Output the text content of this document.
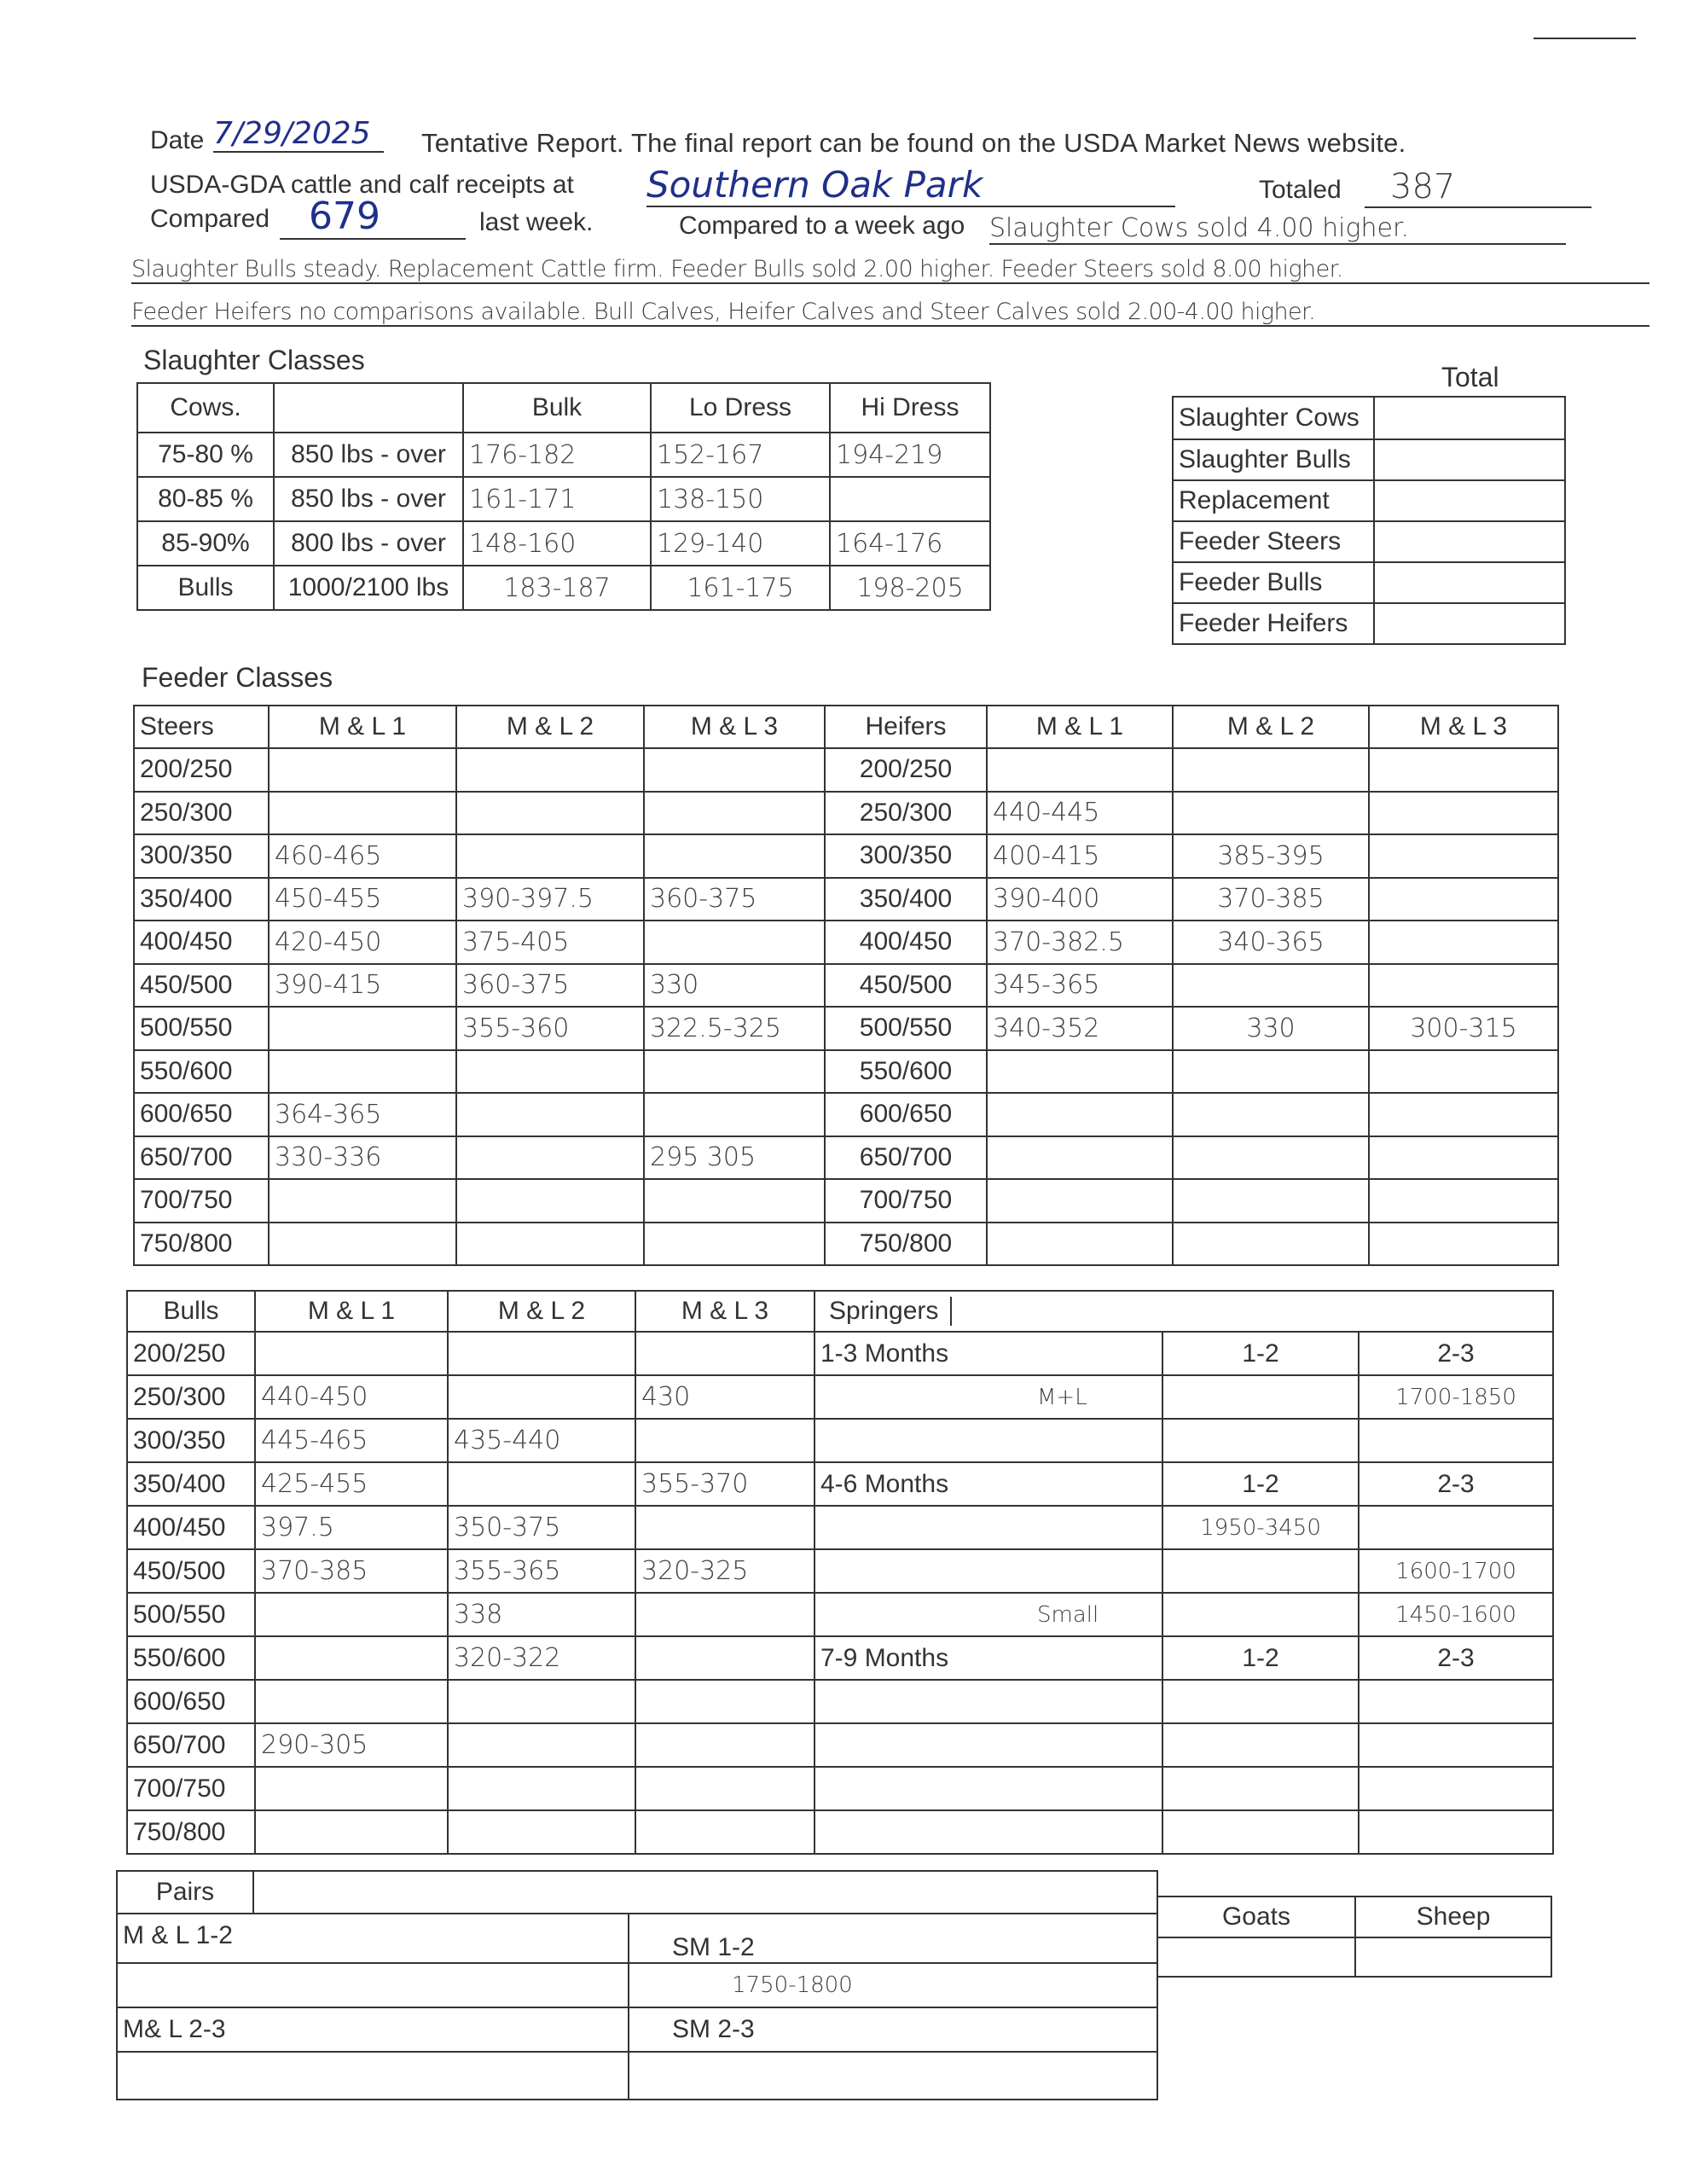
Date 7/29/2025	Tentative Report. The final report can be found on the USDA Market News website.
USDA-GDA cattle and calf receipts at Southern Oak Park	Totaled	387
Compared	679	last week.	Compared to a week ago Slaughter Cows sold 4.00 higher.
Slaughter Bulls steady. Replacement Cattle firm. Feeder Bulls sold 2.00 higher. Feeder Steers sold 8.00 higher.
Feeder Heifers no comparisons available. Bull Calves, Heifer Calves and Steer Calves sold 2.00-4.00 higher.
Slaughter Classes
Cows.		Bulk	Lo Dress	Hi Dress
75-80 %	850 lbs - over	176-182	152-167	194-219
80-85 %	850 lbs - over	161-171	138-150	
85-90%	800 lbs - over	148-160	129-140	164-176
Bulls	1000/2100 lbs	183-187	161-175	198-205
Total
Slaughter Cows	
Slaughter Bulls	
Replacement	
Feeder Steers	
Feeder Bulls	
Feeder Heifers	
Feeder Classes
Steers	M & L 1	M & L 2	M & L 3	Heifers	M & L 1	M & L 2	M & L 3
200/250				200/250			
250/300				250/300	440-445		
300/350	460-465			300/350	400-415	385-395	
350/400	450-455	390-397.5	360-375	350/400	390-400	370-385	
400/450	420-450	375-405		400/450	370-382.5	340-365	
450/500	390-415	360-375	330	450/500	345-365		
500/550		355-360	322.5-325	500/550	340-352	330	300-315
550/600				550/600			
600/650	364-365			600/650			
650/700	330-336		295 305	650/700			
700/750				700/750			
750/800				750/800			
Bulls	M & L 1	M & L 2	M & L 3	Springers		
200/250				1-3 Months	1-2	2-3
250/300	440-450		430	M+L		1700-1850
300/350	445-465	435-440		

350/400	425-455		355-370	4-6 Months	1-2	2-3
400/450	397.5	350-375			1950-3450	
450/500	370-385	355-365	320-325			1600-1700
500/550		338		Small		1450-1600
550/600		320-322		7-9 Months	1-2	2-3
600/650				

650/700	290-305			

700/750				

750/800				

Pairs		
M & L 1-2		SM 1-2
		1750-1800
M& L 2-3		SM 2-3

Goats	Sheep
